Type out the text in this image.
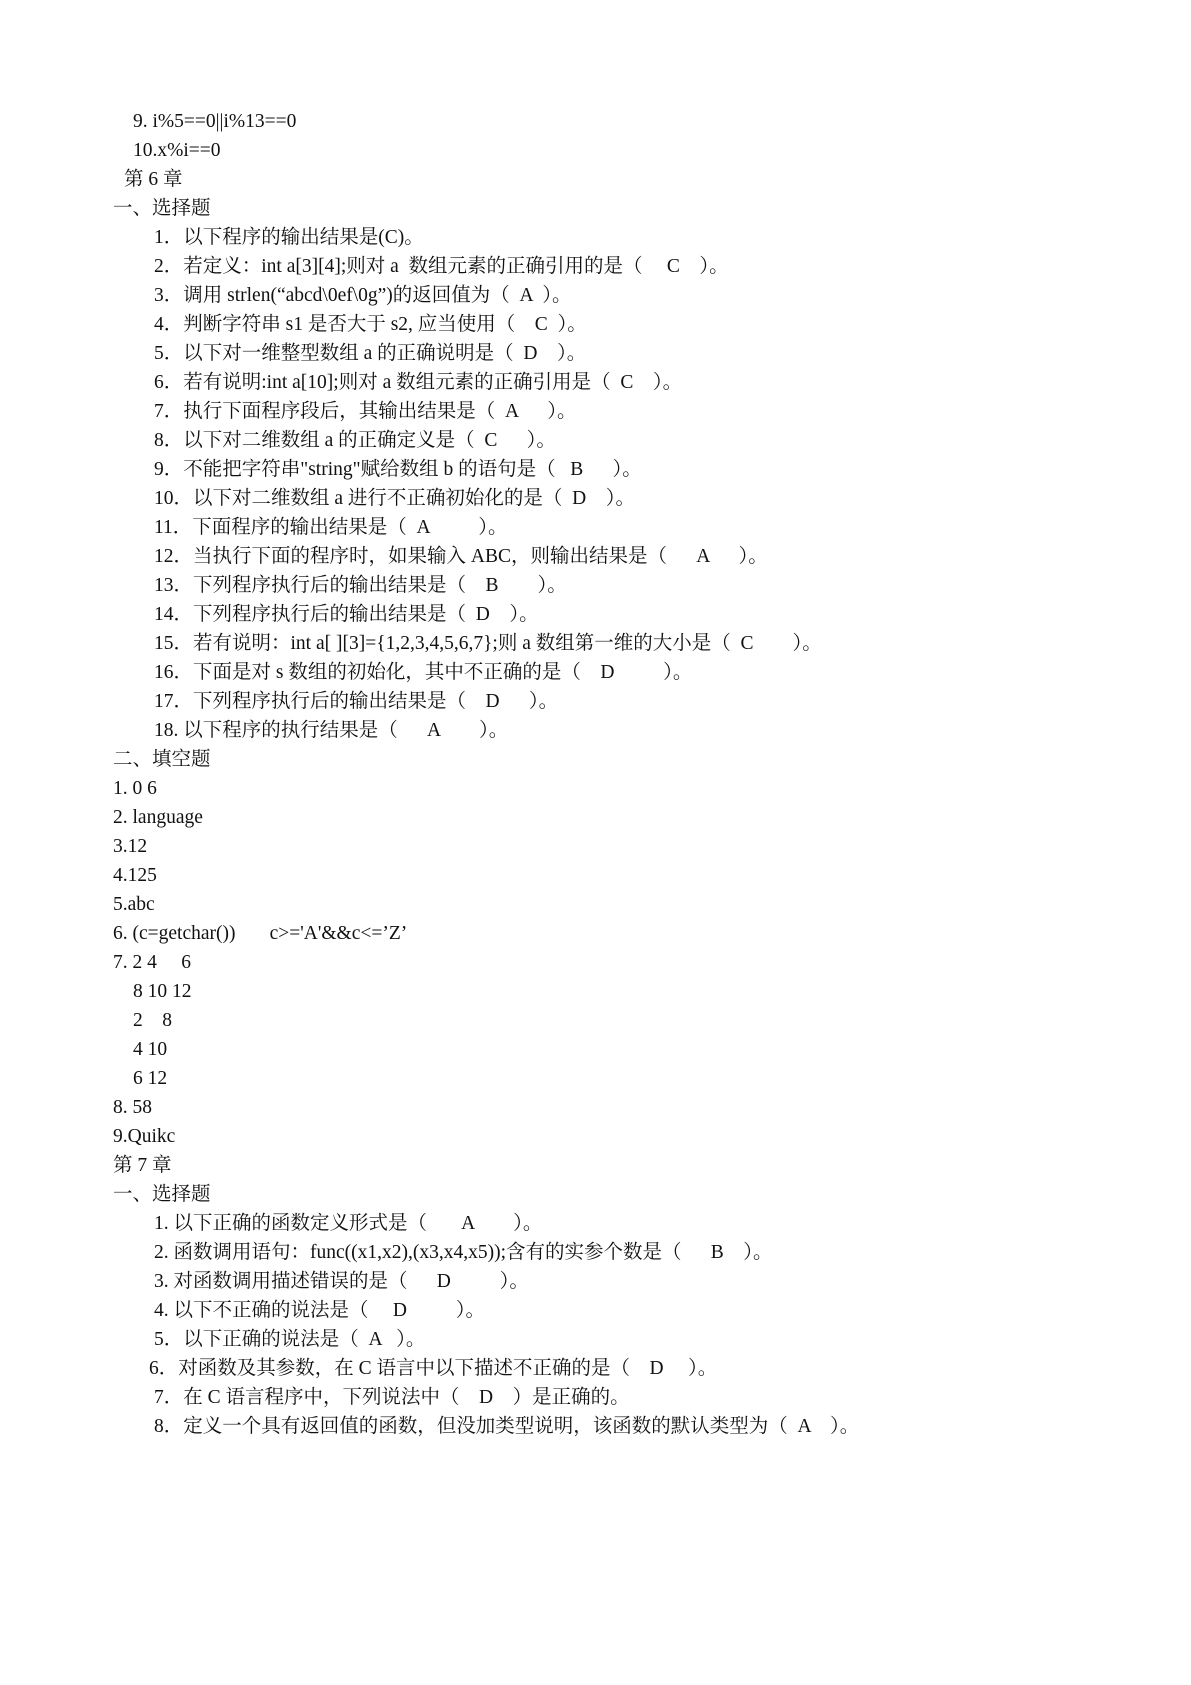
9. i%5==0||i%13==0
10.x%i==0
第 6 章
一、选择题
1．以下程序的输出结果是(C)。
2．若定义：int a[3][4];则对 a  数组元素的正确引用的是（     C    ）。
3．调用 strlen(“abcd\0ef\0g”)的返回值为（  A  ）。
4．判断字符串 s1 是否大于 s2, 应当使用（    C  ）。
5．以下对一维整型数组 a 的正确说明是（  D    ）。
6．若有说明:int a[10];则对 a 数组元素的正确引用是（  C    ）。
7．执行下面程序段后，其输出结果是（  A      ）。
8．以下对二维数组 a 的正确定义是（  C      ）。
9．不能把字符串"string"赋给数组 b 的语句是（   B      ）。
10．以下对二维数组 a 进行不正确初始化的是（  D    ）。
11．下面程序的输出结果是（  A          ）。
12．当执行下面的程序时，如果输入 ABC，则输出结果是（      A      ）。
13．下列程序执行后的输出结果是（    B        ）。
14．下列程序执行后的输出结果是（  D    ）。
15．若有说明：int a[ ][3]={1,2,3,4,5,6,7};则 a 数组第一维的大小是（  C        ）。
16．下面是对 s 数组的初始化，其中不正确的是（    D          ）。
17．下列程序执行后的输出结果是（    D      ）。
18. 以下程序的执行结果是（      A        ）。
二、填空题
1. 0 6
2. language
3.12
4.125
5.abc
6. (c=getchar())       c>='A'&&c<=’Z’
7. 2 4     6
8 10 12
2    8
4 10
6 12
8. 58
9.Quikc
第 7 章
一、选择题
1. 以下正确的函数定义形式是（       A        ）。
2. 函数调用语句：func((x1,x2),(x3,x4,x5));含有的实参个数是（      B    ）。
3. 对函数调用描述错误的是（      D          ）。
4. 以下不正确的说法是（     D          ）。
5．以下正确的说法是（  A   ）。
6．对函数及其参数，在 C 语言中以下描述不正确的是（    D     ）。
7．在 C 语言程序中，下列说法中（    D    ）是正确的。
8．定义一个具有返回值的函数，但没加类型说明，该函数的默认类型为（  A    ）。
